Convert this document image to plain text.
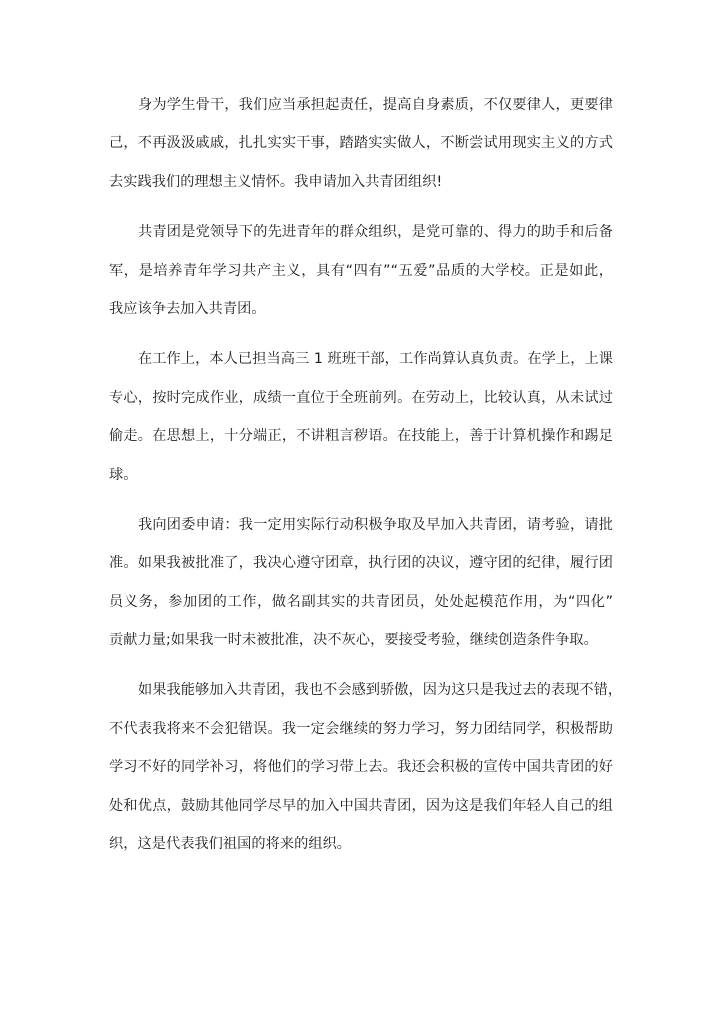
身为学生骨干，我们应当承担起责任，提高自身素质，不仅要律人，更要律
己，不再汲汲戚戚，扎扎实实干事，踏踏实实做人，不断尝试用现实主义的方式
去实践我们的理想主义情怀。我申请加入共青团组织!
共青团是党领导下的先进青年的群众组织，是党可靠的、得力的助手和后备
军，是培养青年学习共产主义，具有“四有”“五爱”品质的大学校。正是如此，
我应该争去加入共青团。
在工作上，本人已担当高三 1 班班干部，工作尚算认真负责。在学上，上课
专心，按时完成作业，成绩一直位于全班前列。在劳动上，比较认真，从未试过
偷走。在思想上，十分端正，不讲粗言秽语。在技能上，善于计算机操作和踢足
球。
我向团委申请：我一定用实际行动积极争取及早加入共青团，请考验，请批
准。如果我被批准了，我决心遵守团章，执行团的决议，遵守团的纪律，履行团
员义务，参加团的工作，做名副其实的共青团员，处处起模范作用，为“四化”
贡献力量;如果我一时未被批准，决不灰心，要接受考验，继续创造条件争取。
如果我能够加入共青团，我也不会感到骄傲，因为这只是我过去的表现不错，
不代表我将来不会犯错误。我一定会继续的努力学习，努力团结同学，积极帮助
学习不好的同学补习，将他们的学习带上去。我还会积极的宣传中国共青团的好
处和优点，鼓励其他同学尽早的加入中国共青团，因为这是我们年轻人自己的组
织，这是代表我们祖国的将来的组织。
